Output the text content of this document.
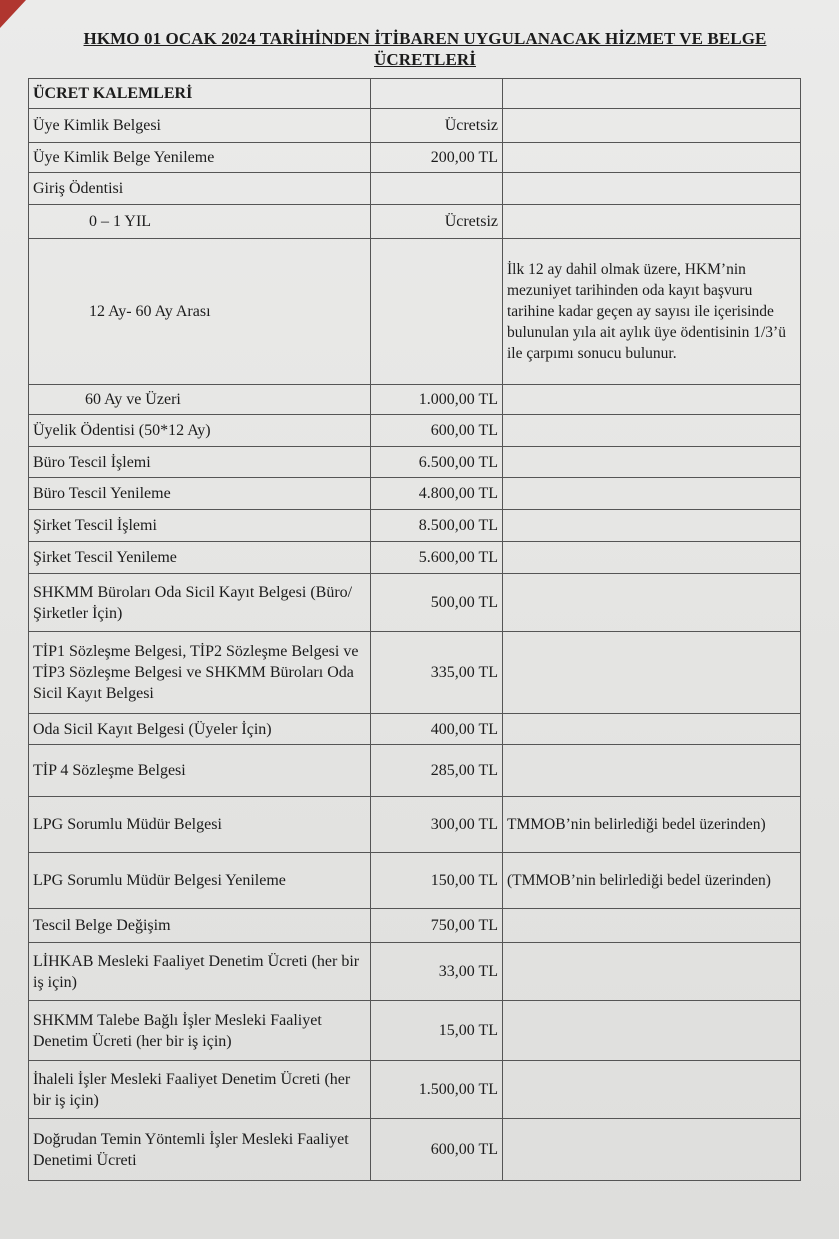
HKMO 01 OCAK 2024 TARİHİNDEN İTİBAREN UYGULANACAK HİZMET VE BELGE ÜCRETLERİ
ÜCRET KALEMLERİ		
Üye Kimlik Belgesi	Ücretsiz	
Üye Kimlik Belge Yenileme	200,00 TL	
Giriş Ödentisi		
0 – 1 YIL	Ücretsiz	
12 Ay- 60 Ay Arası		İlk 12 ay dahil olmak üzere, HKM’nin mezuniyet tarihinden oda kayıt başvuru tarihine kadar geçen ay sayısı ile içerisinde bulunulan yıla ait aylık üye ödentisinin 1/3’ü ile çarpımı sonucu bulunur.
60 Ay ve Üzeri	1.000,00 TL	
Üyelik Ödentisi (50*12 Ay)	600,00 TL	
Büro Tescil İşlemi	6.500,00 TL	
Büro Tescil Yenileme	4.800,00 TL	
Şirket Tescil İşlemi	8.500,00 TL	
Şirket Tescil Yenileme	5.600,00 TL	
SHKMM Büroları Oda Sicil Kayıt Belgesi (Büro/Şirketler İçin)	500,00 TL	
TİP1 Sözleşme Belgesi, TİP2 Sözleşme Belgesi ve TİP3 Sözleşme Belgesi ve SHKMM Büroları Oda Sicil Kayıt Belgesi	335,00 TL	
Oda Sicil Kayıt Belgesi (Üyeler İçin)	400,00 TL	
TİP 4 Sözleşme Belgesi	285,00 TL	
LPG Sorumlu Müdür Belgesi	300,00 TL	TMMOB’nin belirlediği bedel üzerinden)
LPG Sorumlu Müdür Belgesi Yenileme	150,00 TL	(TMMOB’nin belirlediği bedel üzerinden)
Tescil Belge Değişim	750,00 TL	
LİHKAB Mesleki Faaliyet Denetim Ücreti (her bir iş için)	33,00 TL	
SHKMM Talebe Bağlı İşler Mesleki Faaliyet Denetim Ücreti (her bir iş için)	15,00 TL	
İhaleli İşler Mesleki Faaliyet Denetim Ücreti (her bir iş için)	1.500,00 TL	
Doğrudan Temin Yöntemli İşler Mesleki Faaliyet Denetimi Ücreti	600,00 TL	
